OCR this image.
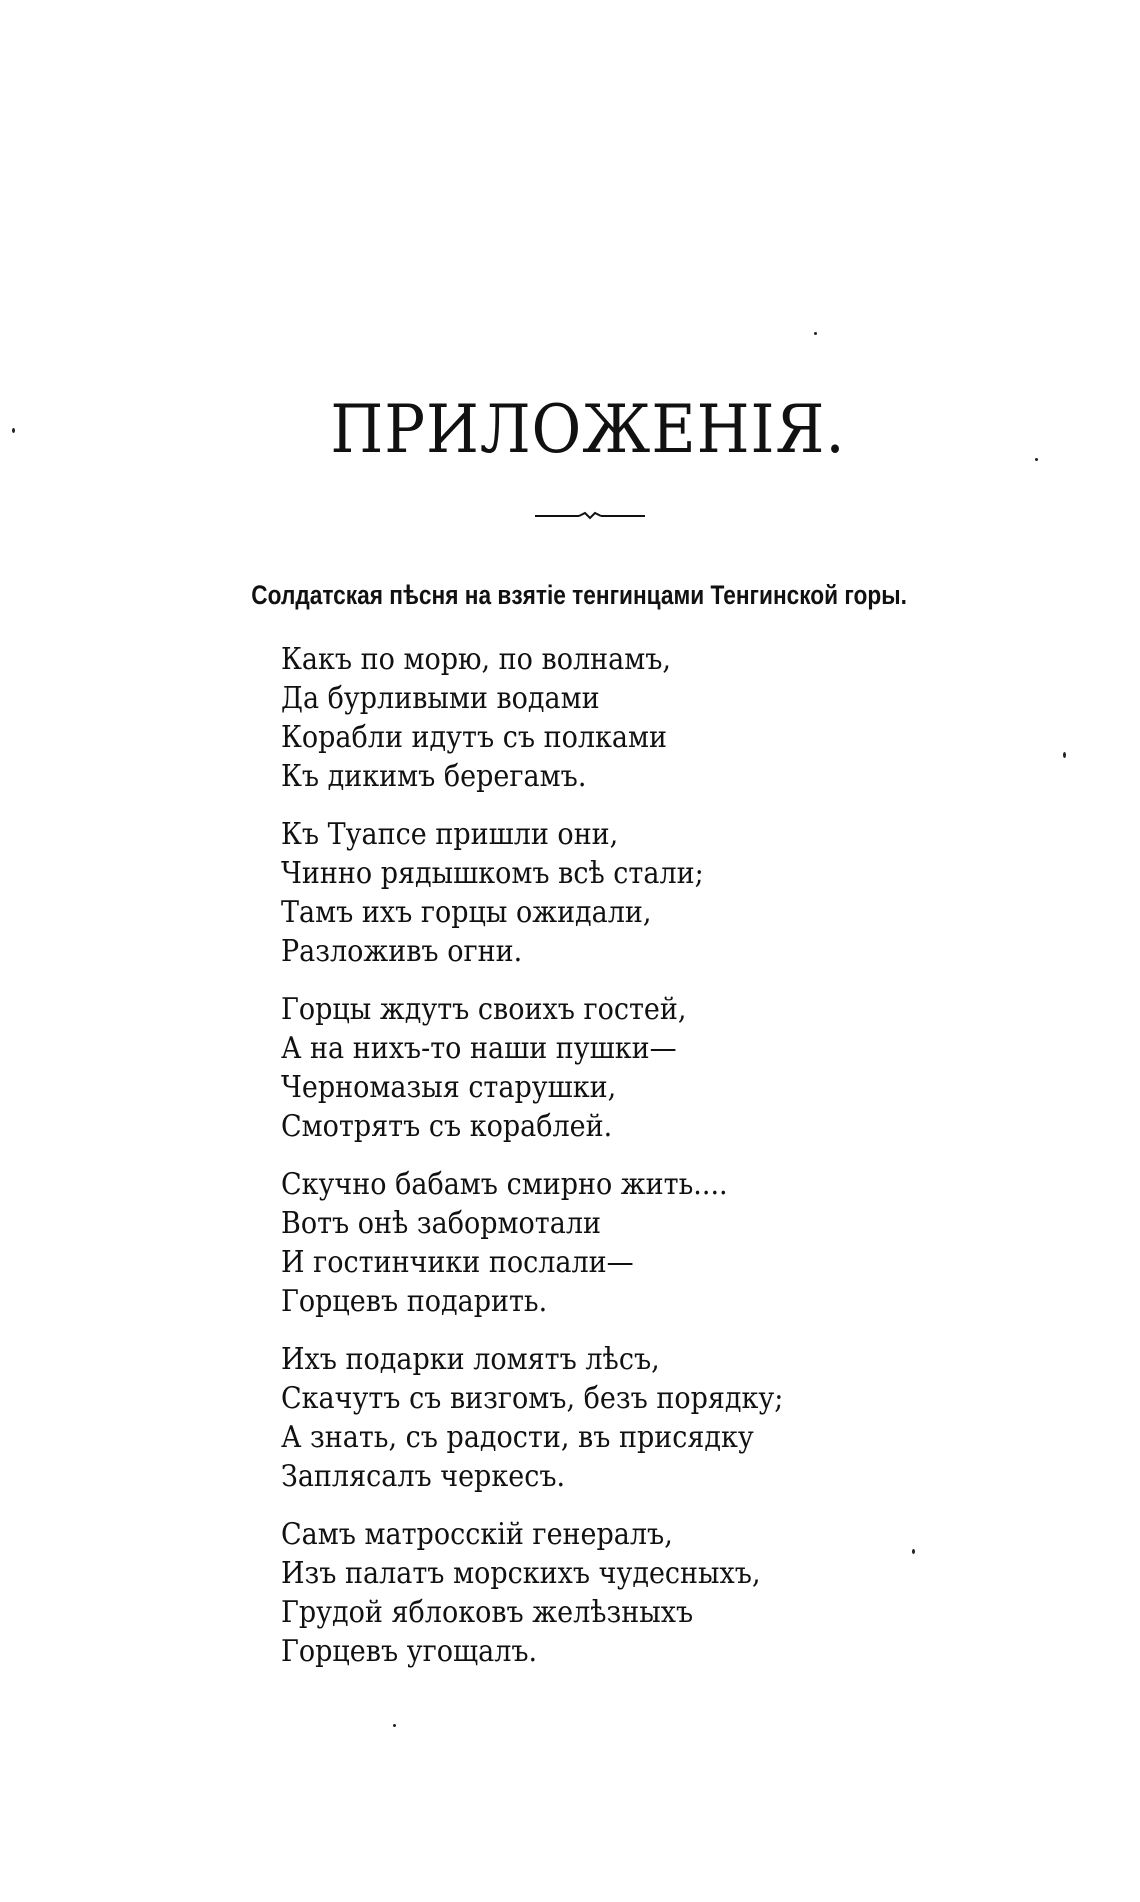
ПРИЛОЖЕНІЯ.
Солдатская пѣсня на взятіе тенгинцами Тенгинской горы.
Какъ по морю, по волнамъ,
Да бурливыми водами
Корабли идутъ съ полками
Къ дикимъ берегамъ.
Къ Туапсе пришли они,
Чинно рядышкомъ всѣ стали;
Тамъ ихъ горцы ожидали,
Разложивъ огни.
Горцы ждутъ своихъ гостей,
А на нихъ-то наши пушки—
Черномазыя старушки,
Смотрятъ съ кораблей.
Скучно бабамъ смирно жить....
Вотъ онѣ забормотали
И гостинчики послали—
Горцевъ подарить.
Ихъ подарки ломятъ лѣсъ,
Скачутъ съ визгомъ, безъ порядку;
А знать, съ радости, въ присядку
Заплясалъ черкесъ.
Самъ матросскій генералъ,
Изъ палатъ морскихъ чудесныхъ,
Грудой яблоковъ желѣзныхъ
Горцевъ угощалъ.
